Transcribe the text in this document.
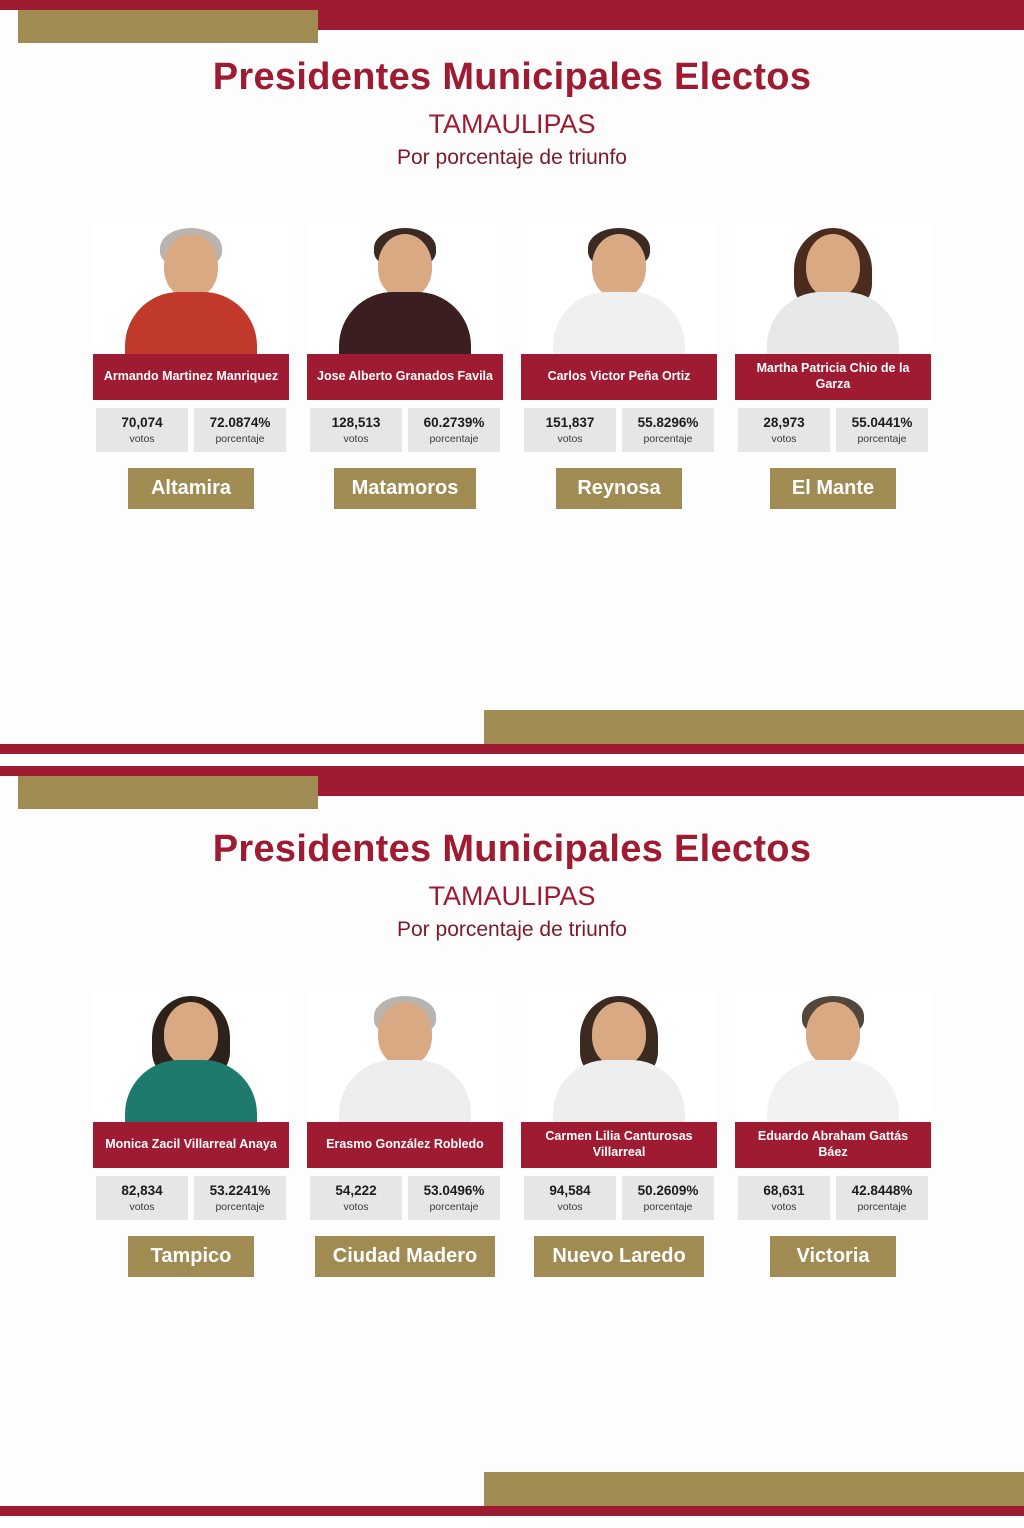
Presidentes Municipales Electos
TAMAULIPAS

Por porcentaje de triunfo

Armando Martinez Manriquez
70,074
votos
72.0874%
porcentaje
Altamira
Jose Alberto Granados Favila
128,513
votos
60.2739%
porcentaje
Matamoros
Carlos Victor Peña Ortiz
151,837
votos
55.8296%
porcentaje
Reynosa
Martha Patricia Chio de la Garza
28,973
votos
55.0441%
porcentaje
El Mante
Presidentes Municipales Electos
TAMAULIPAS

Por porcentaje de triunfo

Monica Zacil Villarreal Anaya
82,834
votos
53.2241%
porcentaje
Tampico
Erasmo González Robledo
54,222
votos
53.0496%
porcentaje
Ciudad Madero
Carmen Lilia Canturosas Villarreal
94,584
votos
50.2609%
porcentaje
Nuevo Laredo
Eduardo Abraham Gattás Báez
68,631
votos
42.8448%
porcentaje
Victoria
